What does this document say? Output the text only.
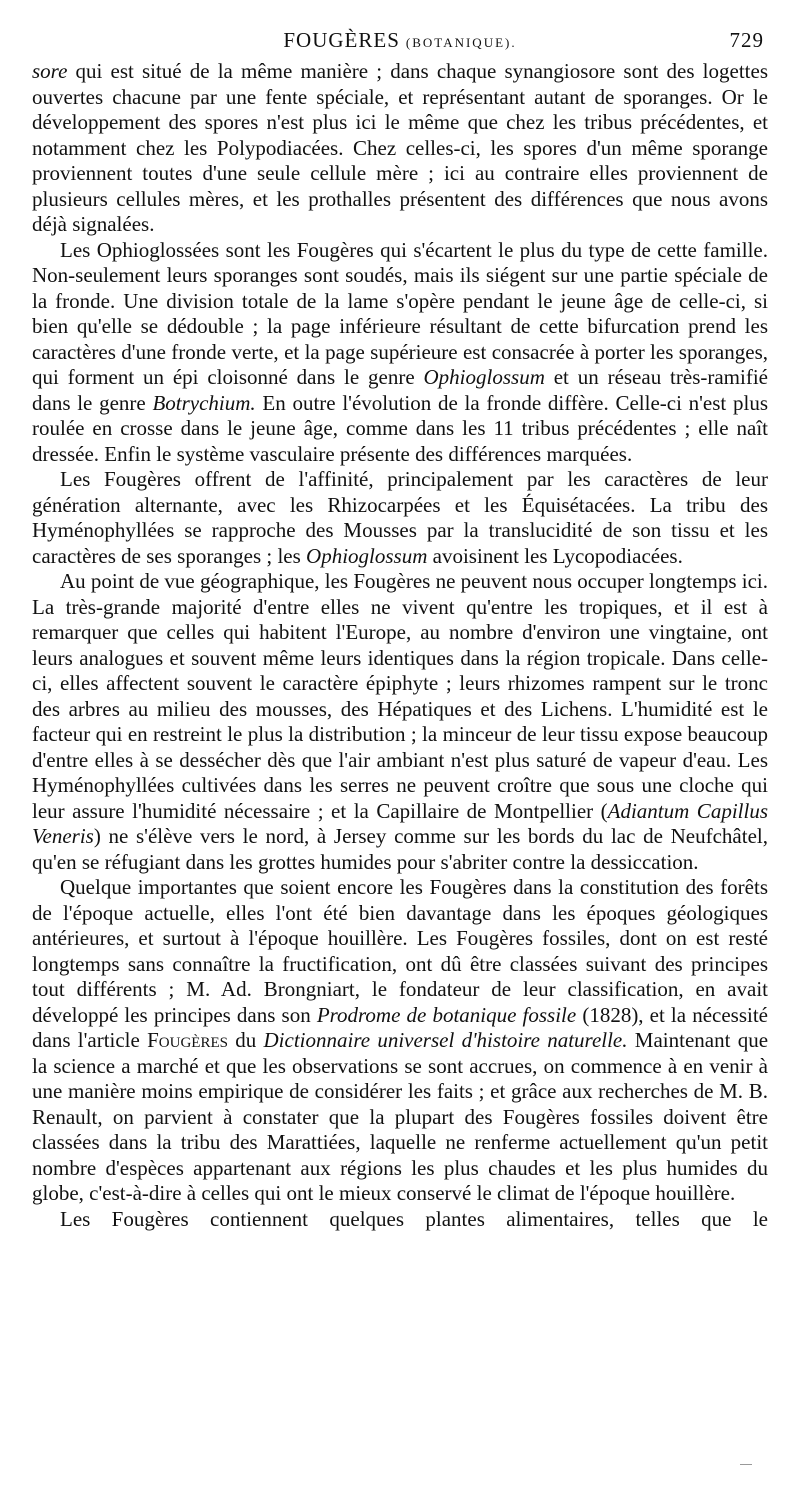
FOUGÈRES (BOTANIQUE).	729

sore qui est situé de la même manière ; dans chaque synangiosore sont des logettes ouvertes chacune par une fente spéciale, et représentant autant de sporanges. Or le développement des spores n'est plus ici le même que chez les tribus précédentes, et notamment chez les Polypodiacées. Chez celles-ci, les spores d'un même sporange proviennent toutes d'une seule cellule mère ; ici au contraire elles proviennent de plusieurs cellules mères, et les prothalles présentent des différences que nous avons déjà signalées.

Les Ophioglossées sont les Fougères qui s'écartent le plus du type de cette famille. Non-seulement leurs sporanges sont soudés, mais ils siégent sur une partie spéciale de la fronde. Une division totale de la lame s'opère pendant le jeune âge de celle-ci, si bien qu'elle se dédouble ; la page inférieure résultant de cette bifurcation prend les caractères d'une fronde verte, et la page supérieure est consacrée à porter les sporanges, qui forment un épi cloisonné dans le genre Ophioglossum et un réseau très-ramifié dans le genre Botrychium. En outre l'évolution de la fronde diffère. Celle-ci n'est plus roulée en crosse dans le jeune âge, comme dans les 11 tribus précédentes ; elle naît dressée. Enfin le système vasculaire présente des différences marquées.

Les Fougères offrent de l'affinité, principalement par les caractères de leur génération alternante, avec les Rhizocarpées et les Équisétacées. La tribu des Hyménophyllées se rapproche des Mousses par la translucidité de son tissu et les caractères de ses sporanges ; les Ophioglossum avoisinent les Lycopodiacées.

Au point de vue géographique, les Fougères ne peuvent nous occuper longtemps ici. La très-grande majorité d'entre elles ne vivent qu'entre les tropiques, et il est à remarquer que celles qui habitent l'Europe, au nombre d'environ une vingtaine, ont leurs analogues et souvent même leurs identiques dans la région tropicale. Dans celle-ci, elles affectent souvent le caractère épiphyte ; leurs rhizomes rampent sur le tronc des arbres au milieu des mousses, des Hépatiques et des Lichens. L'humidité est le facteur qui en restreint le plus la distribution ; la minceur de leur tissu expose beaucoup d'entre elles à se dessécher dès que l'air ambiant n'est plus saturé de vapeur d'eau. Les Hyménophyllées cultivées dans les serres ne peuvent croître que sous une cloche qui leur assure l'humidité nécessaire ; et la Capillaire de Montpellier (Adiantum Capillus Veneris) ne s'élève vers le nord, à Jersey comme sur les bords du lac de Neufchâtel, qu'en se réfugiant dans les grottes humides pour s'abriter contre la dessiccation.

Quelque importantes que soient encore les Fougères dans la constitution des forêts de l'époque actuelle, elles l'ont été bien davantage dans les époques géologiques antérieures, et surtout à l'époque houillère. Les Fougères fossiles, dont on est resté longtemps sans connaître la fructification, ont dû être classées suivant des principes tout différents ; M. Ad. Brongniart, le fondateur de leur classification, en avait développé les principes dans son Prodrome de botanique fossile (1828), et la nécessité dans l'article Fougères du Dictionnaire universel d'histoire naturelle. Maintenant que la science a marché et que les observations se sont accrues, on commence à en venir à une manière moins empirique de considérer les faits ; et grâce aux recherches de M. B. Renault, on parvient à constater que la plupart des Fougères fossiles doivent être classées dans la tribu des Marattiées, laquelle ne renferme actuellement qu'un petit nombre d'espèces appartenant aux régions les plus chaudes et les plus humides du globe, c'est-à-dire à celles qui ont le mieux conservé le climat de l'époque houillère.

Les Fougères contiennent quelques plantes alimentaires, telles que le
